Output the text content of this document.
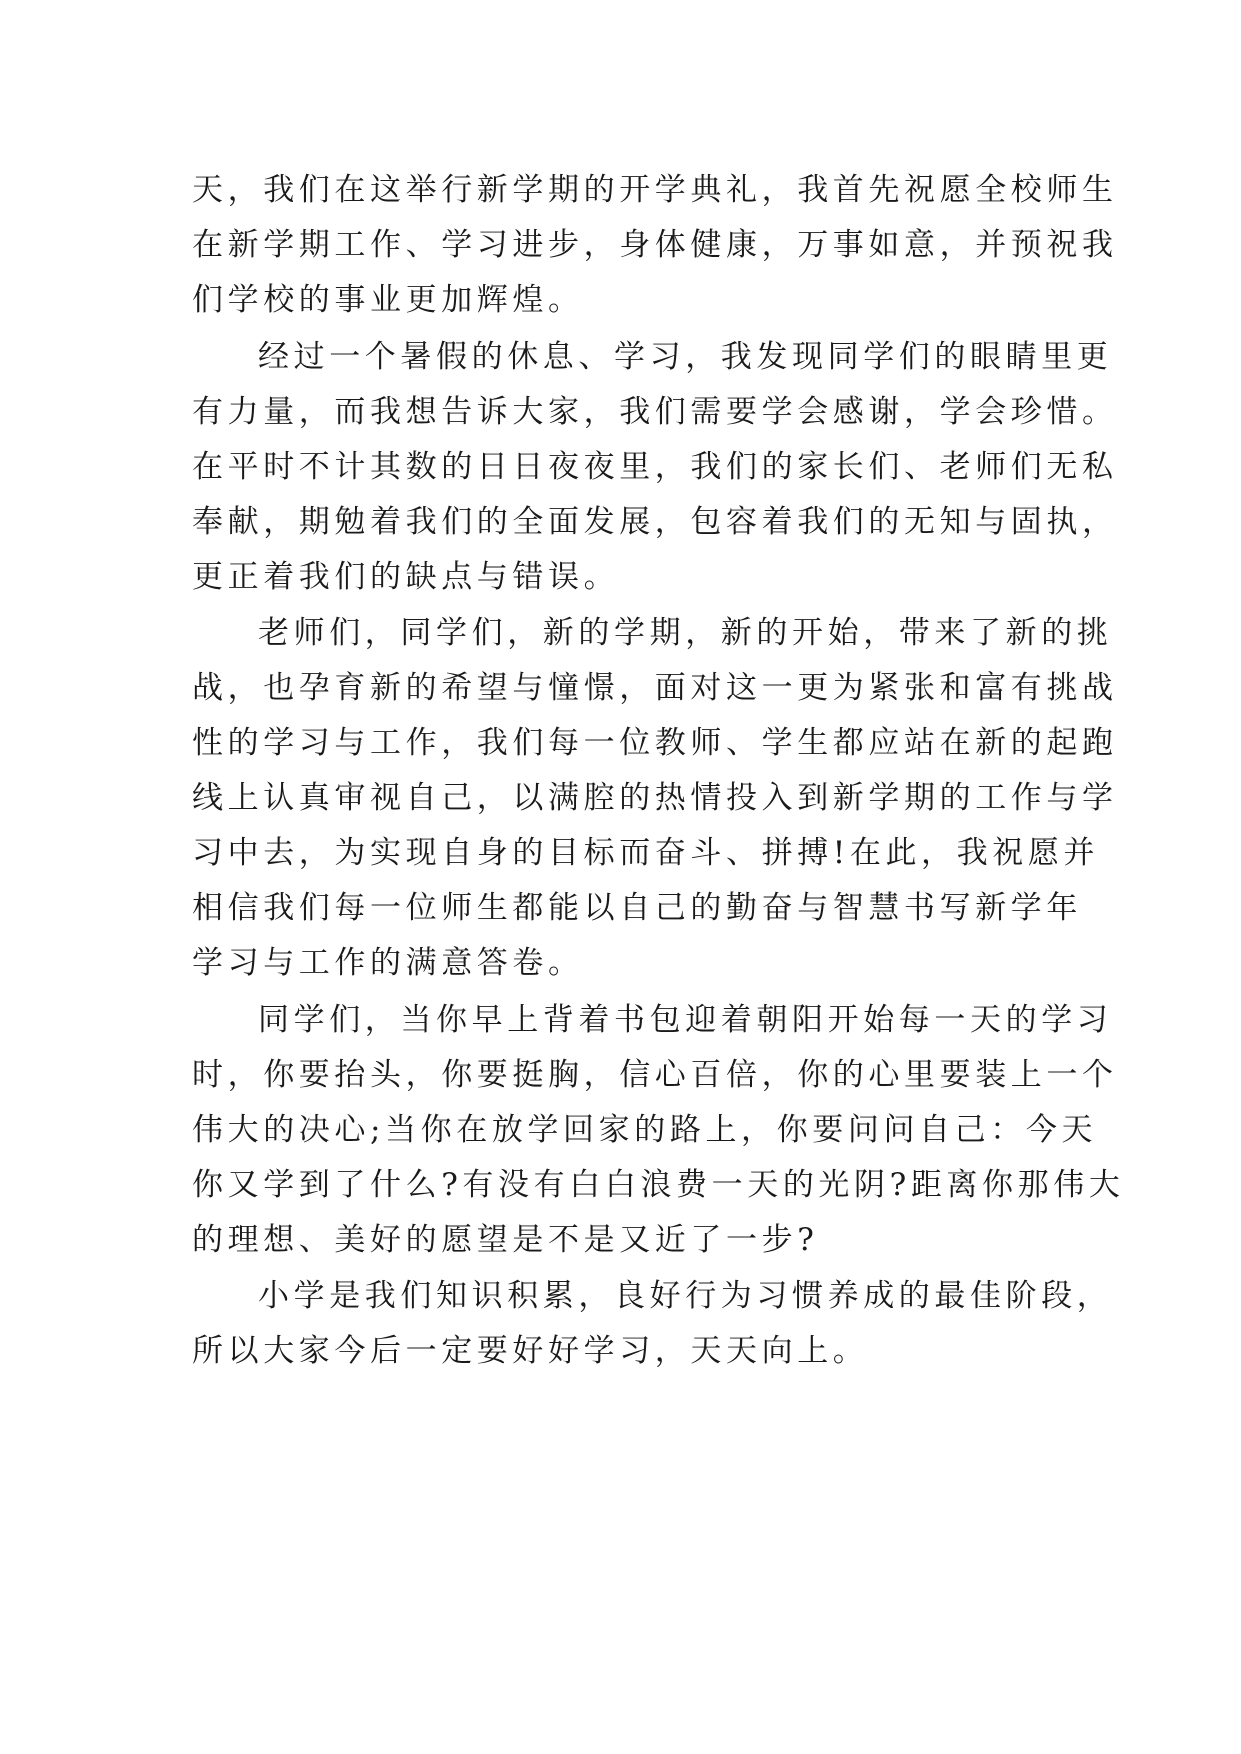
天，我们在这举行新学期的开学典礼，我首先祝愿全校师生
在新学期工作、学习进步，身体健康，万事如意，并预祝我
们学校的事业更加辉煌。
经过一个暑假的休息、学习，我发现同学们的眼睛里更
有力量，而我想告诉大家，我们需要学会感谢，学会珍惜。
在平时不计其数的日日夜夜里，我们的家长们、老师们无私
奉献，期勉着我们的全面发展，包容着我们的无知与固执，
更正着我们的缺点与错误。
老师们，同学们，新的学期，新的开始，带来了新的挑
战，也孕育新的希望与憧憬，面对这一更为紧张和富有挑战
性的学习与工作，我们每一位教师、学生都应站在新的起跑
线上认真审视自己，以满腔的热情投入到新学期的工作与学
习中去，为实现自身的目标而奋斗、拼搏!在此，我祝愿并
相信我们每一位师生都能以自己的勤奋与智慧书写新学年
学习与工作的满意答卷。
同学们，当你早上背着书包迎着朝阳开始每一天的学习
时，你要抬头，你要挺胸，信心百倍，你的心里要装上一个
伟大的决心;当你在放学回家的路上，你要问问自己：今天
你又学到了什么?有没有白白浪费一天的光阴?距离你那伟大
的理想、美好的愿望是不是又近了一步?
小学是我们知识积累，良好行为习惯养成的最佳阶段，
所以大家今后一定要好好学习，天天向上。
